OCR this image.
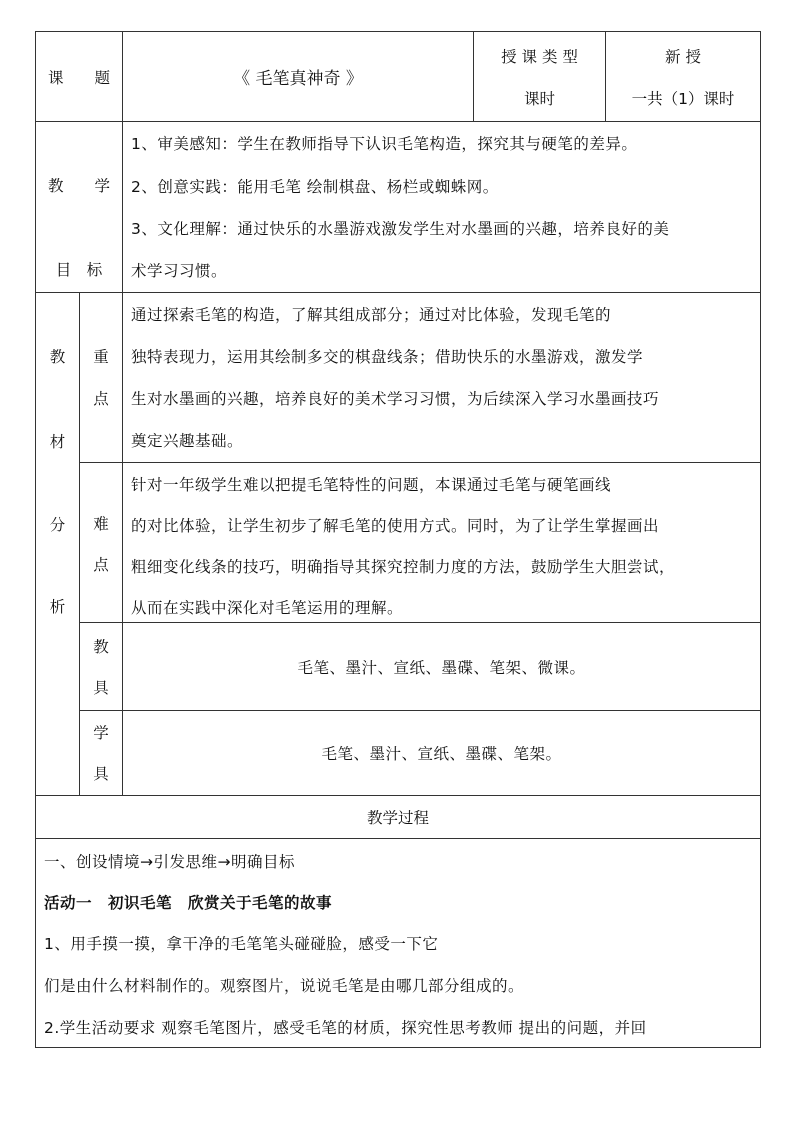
课　　题	《 毛笔真神奇 》
授 课 类 型
课时
新 授
一共（1）课时
教　　学
目　标
1、审美感知：学生在教师指导下认识毛笔构造，探究其与硬笔的差异。
2、创意实践：能用毛笔 绘制棋盘、杨栏或蜘蛛网。
3、文化理解：通过快乐的水墨游戏激发学生对水墨画的兴趣，培养良好的美
术学习习惯。
教
材
分
析
重
点
通过探索毛笔的构造，了解其组成部分；通过对比体验，发现毛笔的
独特表现力，运用其绘制多交的棋盘线条；借助快乐的水墨游戏，激发学
生对水墨画的兴趣，培养良好的美术学习习惯，为后续深入学习水墨画技巧
奠定兴趣基础。
难
点
针对一年级学生难以把提毛笔特性的问题，本课通过毛笔与硬笔画线
的对比体验，让学生初步了解毛笔的使用方式。同时，为了让学生掌握画出
粗细变化线条的技巧，明确指导其探究控制力度的方法，鼓励学生大胆尝试，
从而在实践中深化对毛笔运用的理解。
教
具
毛笔、墨汁、宣纸、墨碟、笔架、微课。
学
具
毛笔、墨汁、宣纸、墨碟、笔架。
教学过程
一、创设情境→引发思维→明确目标
活动一　初识毛笔　欣赏关于毛笔的故事
1、用手摸一摸，拿干净的毛笔笔头碰碰脸，感受一下它
们是由什么材料制作的。观察图片，说说毛笔是由哪几部分组成的。
2.学生活动要求 观察毛笔图片，感受毛笔的材质，探究性思考教师 提出的问题，并回
